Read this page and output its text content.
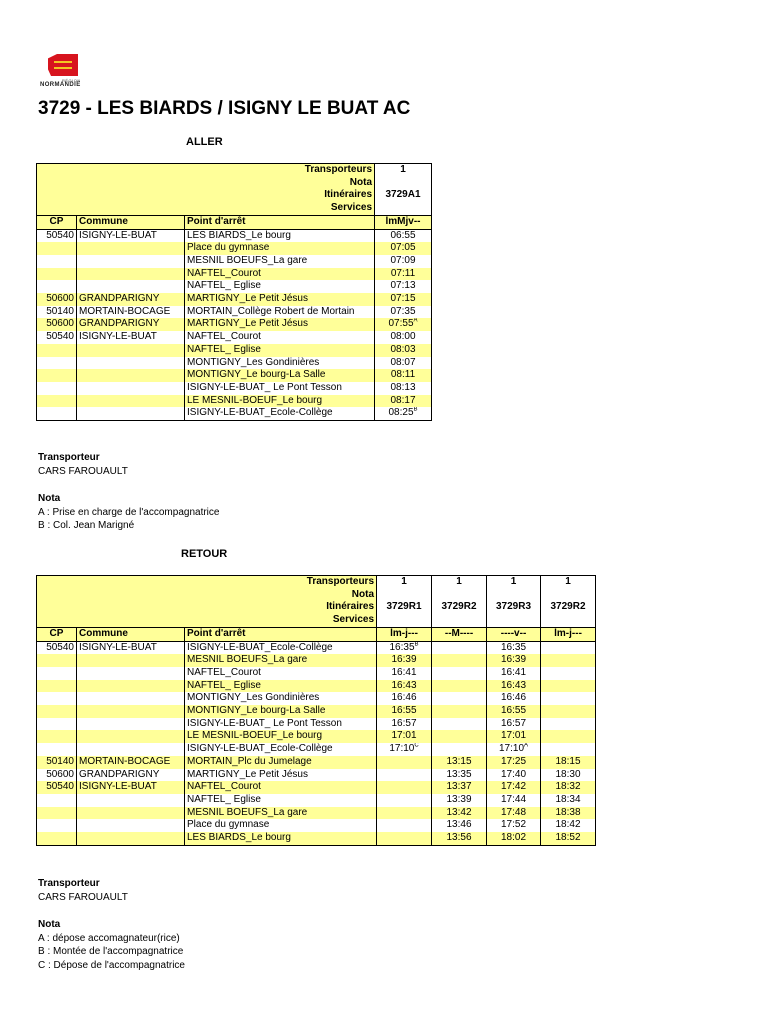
RÉGION
NORMANDIE
3729 - LES BIARDS / ISIGNY LE BUAT AC
ALLER
Transporteurs			1
Nota			
Itinéraires			3729A1
Services			
CP	Commune	Point d'arrêt	lmMjv--
50540	ISIGNY-LE-BUAT	LES BIARDS_Le bourg	06:55
		Place du gymnase	07:05
		MESNIL BOEUFS_La gare	07:09
		NAFTEL_Courot	07:11
		NAFTEL_ Eglise	07:13
50600	GRANDPARIGNY	MARTIGNY_Le Petit Jésus	07:15
50140	MORTAIN-BOCAGE	MORTAIN_Collège Robert de Mortain	07:35
50600	GRANDPARIGNY	MARTIGNY_Le Petit Jésus	$07:55^A$
50540	ISIGNY-LE-BUAT	NAFTEL_Courot	08:00
		NAFTEL_ Eglise	08:03
		MONTIGNY_Les Gondinières	08:07
		MONTIGNY_Le bourg-La Salle	08:11
		ISIGNY-LE-BUAT_ Le Pont Tesson	08:13
		LE MESNIL-BOEUF_Le bourg	08:17
		ISIGNY-LE-BUAT_Ecole-Collège	$08:25^B$
Transporteur
CARS FAROUAULT
Nota
A : Prise en charge de l'accompagnatrice
B : Col. Jean Marigné
RETOUR
Transporteurs			1	1	1	1
Nota						
Itinéraires			3729R1	3729R2	3729R3	3729R2
Services						
CP	Commune	Point d'arrêt	lm-j---	--M----	----v--	lm-j---
50540	ISIGNY-LE-BUAT	ISIGNY-LE-BUAT_Ecole-Collège	$16:35^B$		16:35	
		MESNIL BOEUFS_La gare	16:39		16:39	
		NAFTEL_Courot	16:41		16:41	
		NAFTEL_ Eglise	16:43		16:43	
		MONTIGNY_Les Gondinières	16:46		16:46	
		MONTIGNY_Le bourg-La Salle	16:55		16:55	
		ISIGNY-LE-BUAT_ Le Pont Tesson	16:57		16:57	
		LE MESNIL-BOEUF_Le bourg	17:01		17:01	
		ISIGNY-LE-BUAT_Ecole-Collège	$17:10^C$		$17:10^A$	
50140	MORTAIN-BOCAGE	MORTAIN_Plc du Jumelage		13:15	17:25	18:15
50600	GRANDPARIGNY	MARTIGNY_Le Petit Jésus		13:35	17:40	18:30
50540	ISIGNY-LE-BUAT	NAFTEL_Courot		13:37	17:42	18:32
		NAFTEL_ Eglise		13:39	17:44	18:34
		MESNIL BOEUFS_La gare		13:42	17:48	18:38
		Place du gymnase		13:46	17:52	18:42
		LES BIARDS_Le bourg		13:56	18:02	18:52
Transporteur
CARS FAROUAULT
Nota
A : dépose accomagnateur(rice)
B : Montée de l'accompagnatrice
C : Dépose de l'accompagnatrice
